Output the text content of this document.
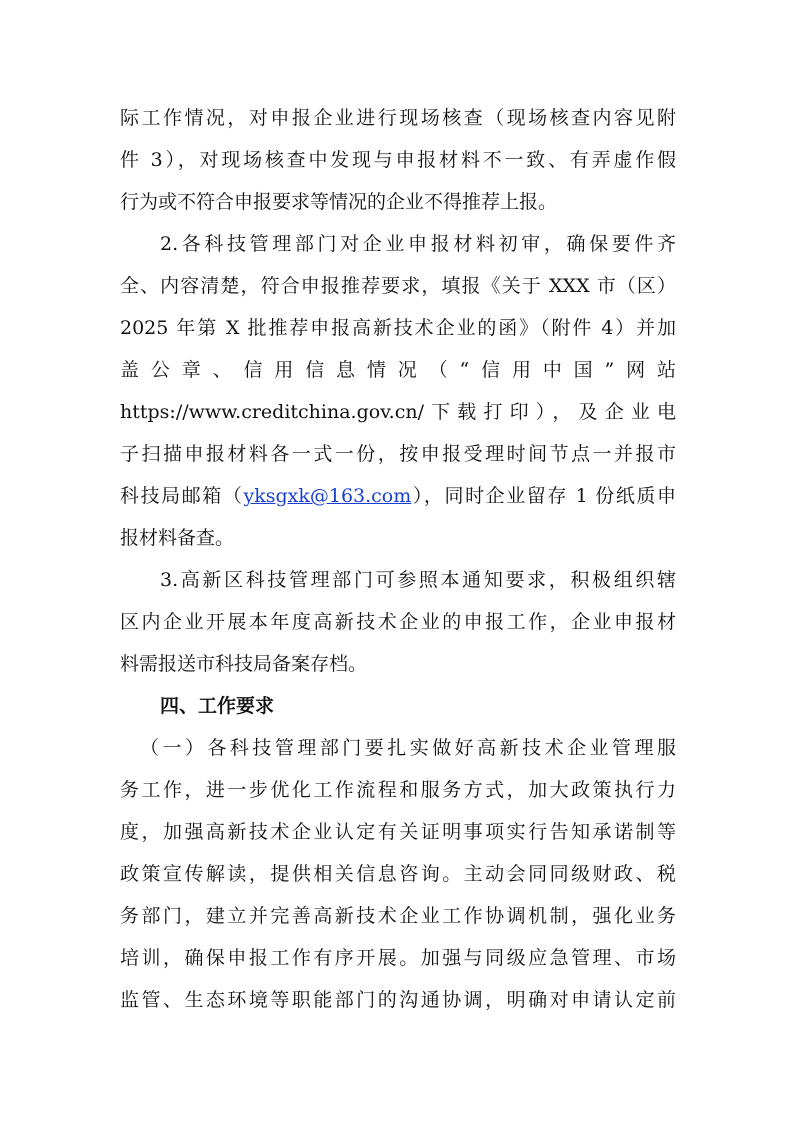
际工作情况，对申报企业进行现场核查（现场核查内容见附
件 3），对现场核查中发现与申报材料不一致、有弄虚作假
行为或不符合申报要求等情况的企业不得推荐上报。
2.各科技管理部门对企业申报材料初审，确保要件齐
全、内容清楚，符合申报推荐要求，填报《关于 XXX 市（区）
2025 年第 X 批推荐申报高新技术企业的函》（附件 4）并加
盖公章、信用信息情况（“信用中国”网站
https://www.creditchina.gov.cn/下载打印），及企业电
子扫描申报材料各一式一份，按申报受理时间节点一并报市
科技局邮箱（yksgxk@163.com），同时企业留存 1 份纸质申
报材料备查。
3.高新区科技管理部门可参照本通知要求，积极组织辖
区内企业开展本年度高新技术企业的申报工作，企业申报材
料需报送市科技局备案存档。
四、工作要求
（一）各科技管理部门要扎实做好高新技术企业管理服
务工作，进一步优化工作流程和服务方式，加大政策执行力
度，加强高新技术企业认定有关证明事项实行告知承诺制等
政策宣传解读，提供相关信息咨询。主动会同同级财政、税
务部门，建立并完善高新技术企业工作协调机制，强化业务
培训，确保申报工作有序开展。加强与同级应急管理、市场
监管、生态环境等职能部门的沟通协调，明确对申请认定前
